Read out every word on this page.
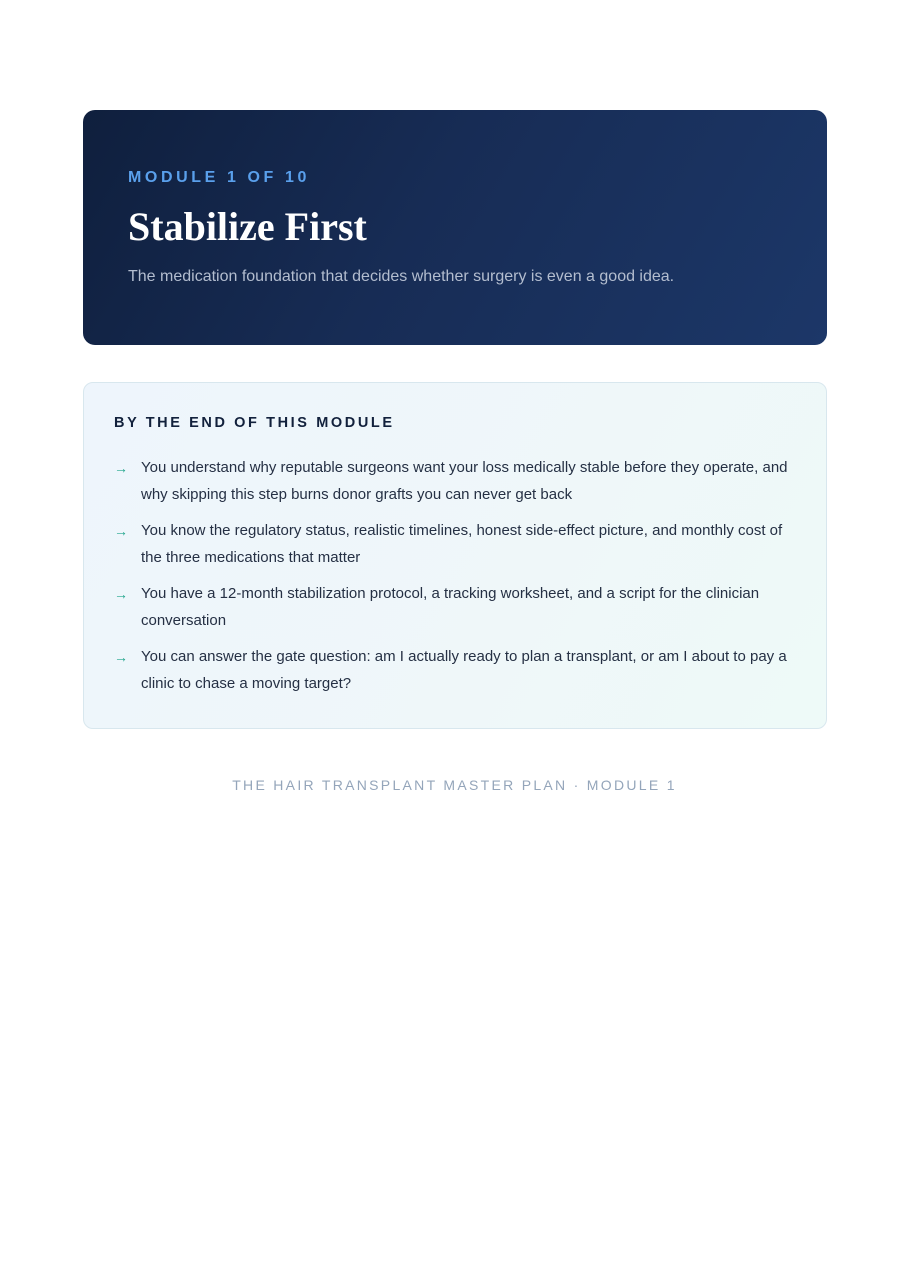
MODULE 1 OF 10

Stabilize First

The medication foundation that decides whether surgery is even a good idea.

BY THE END OF THIS MODULE
→ You understand why reputable surgeons want your loss medically stable before they operate, and why skipping this step burns donor grafts you can never get back
→ You know the regulatory status, realistic timelines, honest side-effect picture, and monthly cost of the three medications that matter
→ You have a 12-month stabilization protocol, a tracking worksheet, and a script for the clinician conversation
→ You can answer the gate question: am I actually ready to plan a transplant, or am I about to pay a clinic to chase a moving target?
THE HAIR TRANSPLANT MASTER PLAN · MODULE 1
